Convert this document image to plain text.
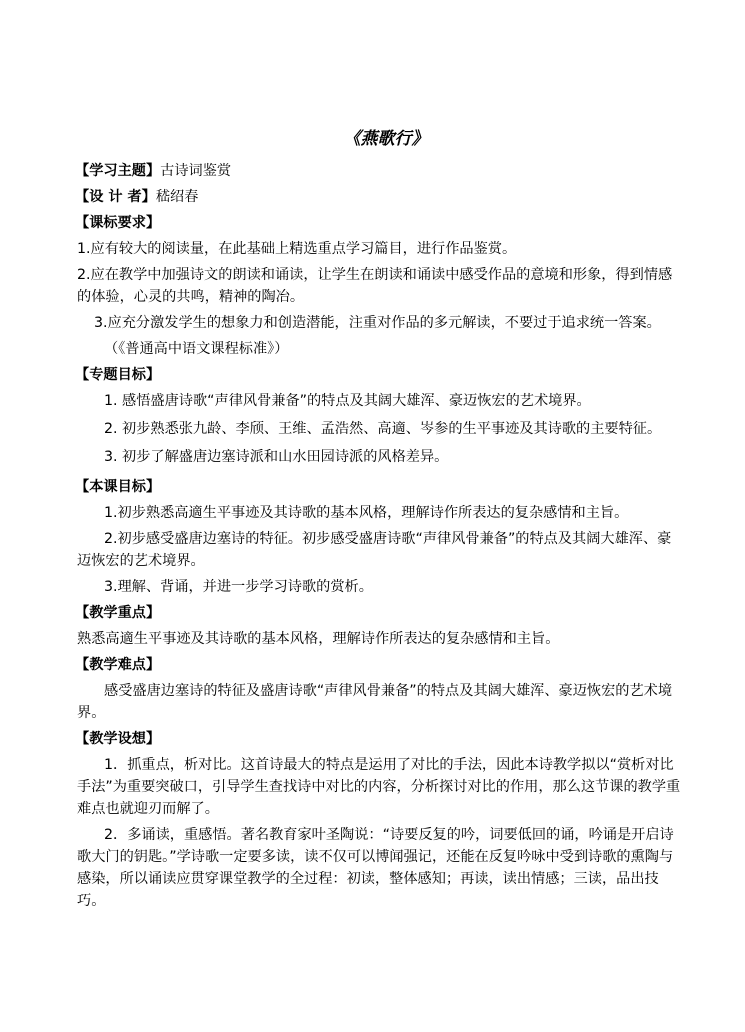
《燕歌行》
【学习主题】古诗词鉴赏
【设 计 者】嵇绍春
【课标要求】

1.应有较大的阅读量，在此基础上精选重点学习篇目，进行作品鉴赏。

2.应在教学中加强诗文的朗读和诵读，让学生在朗读和诵读中感受作品的意境和形象，得到情感的体验，心灵的共鸣，精神的陶冶。

3.应充分激发学生的想象力和创造潜能，注重对作品的多元解读，不要过于追求统一答案。

（《普通高中语文课程标准》）

【专题目标】
1. 感悟盛唐诗歌“声律风骨兼备”的特点及其阔大雄浑、豪迈恢宏的艺术境界。
2. 初步熟悉张九龄、李颀、王维、孟浩然、高適、岑参的生平事迹及其诗歌的主要特征。
3. 初步了解盛唐边塞诗派和山水田园诗派的风格差异。
【本课目标】

1.初步熟悉高適生平事迹及其诗歌的基本风格，理解诗作所表达的复杂感情和主旨。

2.初步感受盛唐边塞诗的特征。初步感受盛唐诗歌“声律风骨兼备”的特点及其阔大雄浑、豪迈恢宏的艺术境界。

3.理解、背诵，并进一步学习诗歌的赏析。

【教学重点】

熟悉高適生平事迹及其诗歌的基本风格，理解诗作所表达的复杂感情和主旨。

【教学难点】

感受盛唐边塞诗的特征及盛唐诗歌“声律风骨兼备”的特点及其阔大雄浑、豪迈恢宏的艺术境界。

【教学设想】

1．抓重点，析对比。这首诗最大的特点是运用了对比的手法，因此本诗教学拟以“赏析对比手法”为重要突破口，引导学生查找诗中对比的内容，分析探讨对比的作用，那么这节课的教学重难点也就迎刃而解了。

2．多诵读，重感悟。著名教育家叶圣陶说：“诗要反复的吟，词要低回的诵，吟诵是开启诗歌大门的钥匙。”学诗歌一定要多读，读不仅可以博闻强记，还能在反复吟咏中受到诗歌的熏陶与感染，所以诵读应贯穿课堂教学的全过程：初读，整体感知；再读，读出情感；三读，品出技巧。
